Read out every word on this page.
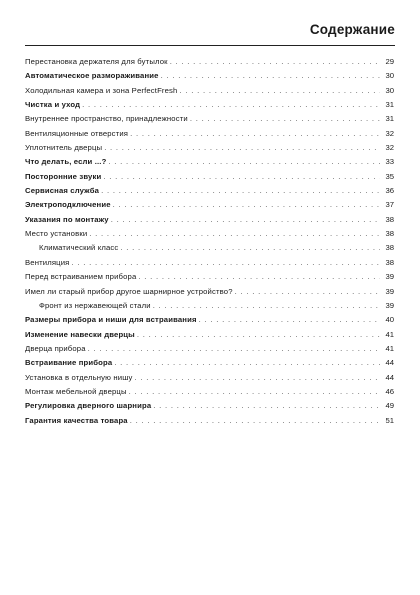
Содержание
Перестановка держателя для бутылок . . .	29
Автоматическое размораживание . . .	30
Холодильная камера и зона PerfectFresh . . .	30
Чистка и уход . . .	31
Внутреннее пространство, принадлежности . . .	31
Вентиляционные отверстия . . .	32
Уплотнитель дверцы . . .	32
Что делать, если ...? . . .	33
Посторонние звуки . . .	35
Сервисная служба . . .	36
Электроподключение . . .	37
Указания по монтажу . . .	38
Место установки . . .	38
Климатический класс . . .	38
Вентиляция . . .	38
Перед встраиванием прибора . . .	39
Имел ли старый прибор другое шарнирное устройство? . . .	39
Фронт из нержавеющей стали . . .	39
Размеры прибора и ниши для встраивания . . .	40
Изменение навески дверцы . . .	41
Дверца прибора . . .	41
Встраивание прибора . . .	44
Установка в отдельную нишу . . .	44
Монтаж мебельной дверцы . . .	46
Регулировка дверного шарнира . . .	49
Гарантия качества товара . . .	51
